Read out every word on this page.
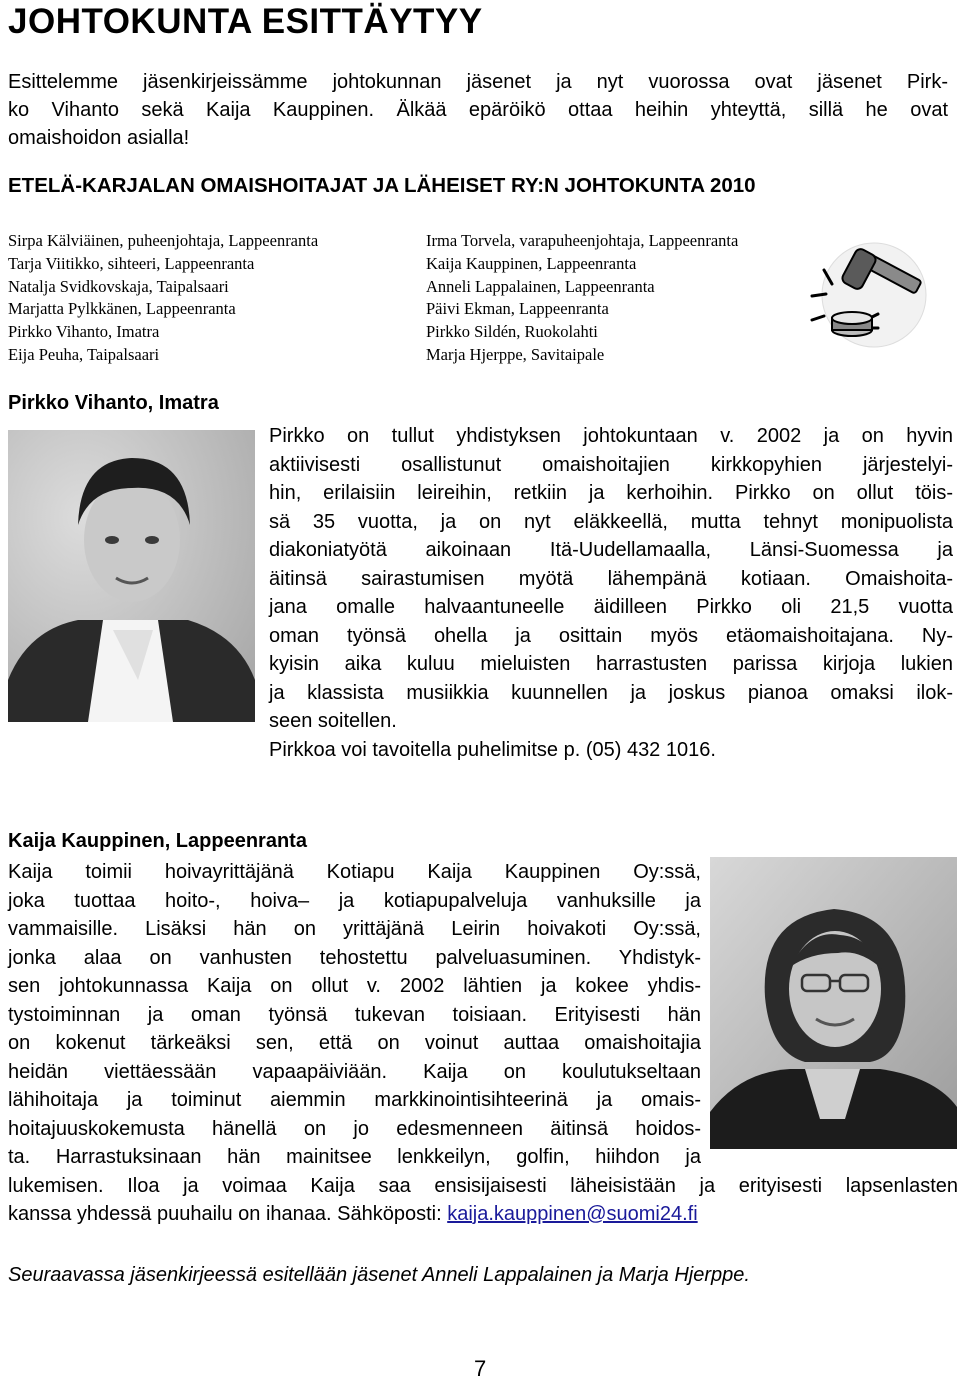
JOHTOKUNTA ESITTÄYTYY
Esittelemme jäsenkirjeissämme johtokunnan jäsenet ja nyt vuorossa ovat jäsenet Pirk-
ko Vihanto sekä Kaija Kauppinen. Älkää epäröikö ottaa heihin yhteyttä, sillä he ovat
omaishoidon asialla!
ETELÄ-KARJALAN OMAISHOITAJAT JA LÄHEISET RY:N JOHTOKUNTA 2010
Sirpa Kälviäinen, puheenjohtaja, Lappeenranta
Tarja Viitikko, sihteeri, Lappeenranta
Natalja Svidkovskaja, Taipalsaari
Marjatta Pylkkänen, Lappeenranta
Pirkko Vihanto, Imatra
Eija Peuha, Taipalsaari
Irma Torvela, varapuheenjohtaja, Lappeenranta
Kaija Kauppinen, Lappeenranta
Anneli Lappalainen, Lappeenranta
Päivi Ekman, Lappeenranta
Pirkko Sildén, Ruokolahti
Marja Hjerppe, Savitaipale
Pirkko Vihanto, Imatra
Pirkko on tullut yhdistyksen johtokuntaan v. 2002 ja on hyvin
aktiivisesti osallistunut omaishoitajien kirkkopyhien järjestelyi-
hin, erilaisiin leireihin, retkiin ja kerhoihin. Pirkko on ollut töis-
sä 35 vuotta, ja on nyt eläkkeellä, mutta tehnyt monipuolista
diakoniatyötä aikoinaan Itä-Uudellamaalla, Länsi-Suomessa ja
äitinsä sairastumisen myötä lähempänä kotiaan. Omaishoita-
jana omalle halvaantuneelle äidilleen Pirkko oli 21,5 vuotta
oman työnsä ohella ja osittain myös etäomaishoitajana. Ny-
kyisin aika kuluu mieluisten harrastusten parissa kirjoja lukien
ja klassista musiikkia kuunnellen ja joskus pianoa omaksi ilok-
seen soitellen.
Pirkkoa voi tavoitella puhelimitse p. (05) 432 1016.
Kaija Kauppinen, Lappeenranta
Kaija toimii hoivayrittäjänä Kotiapu Kaija Kauppinen Oy:ssä,
joka tuottaa hoito-, hoiva– ja kotiapupalveluja vanhuksille ja
vammaisille. Lisäksi hän on yrittäjänä Leirin hoivakoti Oy:ssä,
jonka alaa on vanhusten tehostettu palveluasuminen. Yhdistyk-
sen johtokunnassa Kaija on ollut v. 2002 lähtien ja kokee yhdis-
tystoiminnan ja oman työnsä tukevan toisiaan. Erityisesti hän
on kokenut tärkeäksi sen, että on voinut auttaa omaishoitajia
heidän viettäessään vapaapäiviään. Kaija on koulutukseltaan
lähihoitaja ja toiminut aiemmin markkinointisihteerinä ja omais-
hoitajuuskokemusta hänellä on jo edesmenneen äitinsä hoidos-
ta. Harrastuksinaan hän mainitsee lenkkeilyn, golfin, hiihdon ja
lukemisen. Iloa ja voimaa Kaija saa ensisijaisesti läheisistään ja erityisesti lapsenlasten
kanssa yhdessä puuhailu on ihanaa. Sähköposti: kaija.kauppinen@suomi24.fi
Seuraavassa jäsenkirjeessä esitellään jäsenet Anneli Lappalainen ja Marja Hjerppe.
7
